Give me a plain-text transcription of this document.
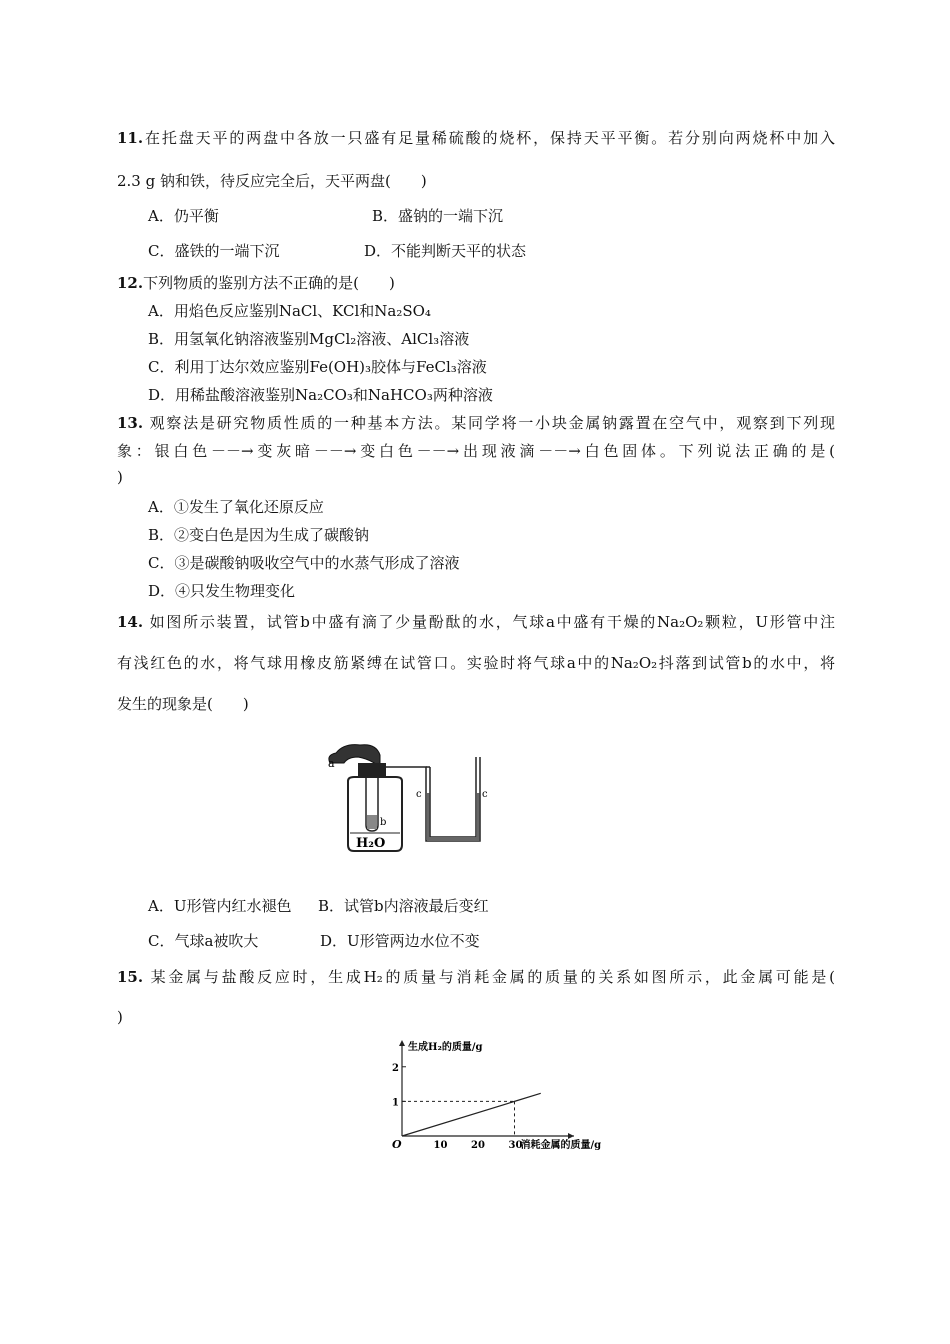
11.在托盘天平的两盘中各放一只盛有足量稀硫酸的烧杯，保持天平平衡。若分别向两烧杯中加入
2.3 g 钠和铁，待反应完全后，天平两盘(　　)
A．仍平衡	B．盛钠的一端下沉
C．盛铁的一端下沉	D．不能判断天平的状态
12.下列物质的鉴别方法不正确的是(　　)
A．用焰色反应鉴别NaCl、KCl和Na₂SO₄
B．用氢氧化钠溶液鉴别MgCl₂溶液、AlCl₃溶液
C．利用丁达尔效应鉴别Fe(OH)₃胶体与FeCl₃溶液
D．用稀盐酸溶液鉴别Na₂CO₃和NaHCO₃两种溶液
13. 观察法是研究物质性质的一种基本方法。某同学将一小块金属钠露置在空气中，观察到下列现
象：银白色－－→变灰暗－－→变白色－－→出现液滴－－→白色固体。下列说法正确的是(
)
A．①发生了氧化还原反应
B．②变白色是因为生成了碳酸钠
C．③是碳酸钠吸收空气中的水蒸气形成了溶液
D．④只发生物理变化
14. 如图所示装置，试管b中盛有滴了少量酚酞的水，气球a中盛有干燥的Na₂O₂颗粒，U形管中注
有浅红色的水，将气球用橡皮筋紧缚在试管口。实验时将气球a中的Na₂O₂抖落到试管b的水中，将
发生的现象是(　　)
a
b
H₂O
c	c
A．U形管内红水褪色 B．试管b内溶液最后变红
C．气球a被吹大	D．U形管两边水位不变
15. 某金属与盐酸反应时，生成H₂的质量与消耗金属的质量的关系如图所示，此金属可能是(
)
生成H₂的质量/g
O	10 20 30
消耗金属的质量/g
1
2
